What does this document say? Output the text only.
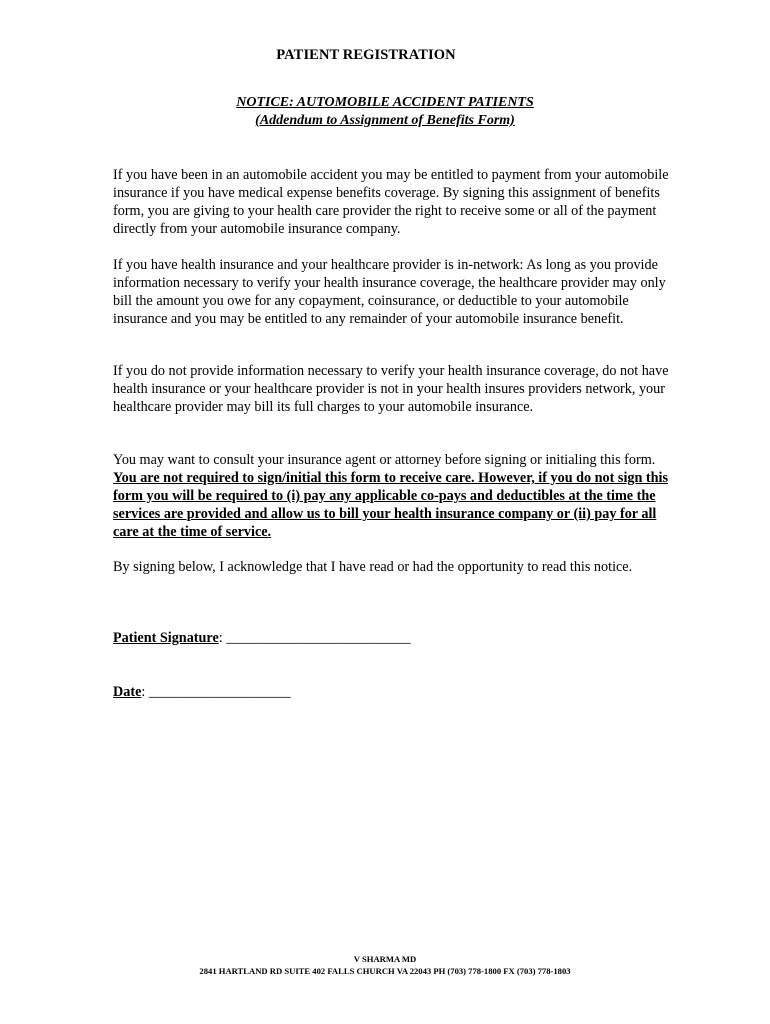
PATIENT REGISTRATION
NOTICE: AUTOMOBILE ACCIDENT PATIENTS
(Addendum to Assignment of Benefits Form)
If you have been in an automobile accident you may be entitled to payment from your automobile insurance if you have medical expense benefits coverage. By signing this assignment of benefits form, you are giving to your health care provider the right to receive some or all of the payment directly from your automobile insurance company.
If you have health insurance and your healthcare provider is in-network: As long as you provide information necessary to verify your health insurance coverage, the healthcare provider may only bill the amount you owe for any copayment, coinsurance, or deductible to your automobile insurance and you may be entitled to any remainder of your automobile insurance benefit.
If you do not provide information necessary to verify your health insurance coverage, do not have health insurance or your healthcare provider is not in your health insures providers network, your healthcare provider may bill its full charges to your automobile insurance.
You may want to consult your insurance agent or attorney before signing or initialing this form. You are not required to sign/initial this form to receive care. However, if you do not sign this form you will be required to (i) pay any applicable co-pays and deductibles at the time the services are provided and allow us to bill your health insurance company or (ii) pay for all care at the time of service.
By signing below, I acknowledge that I have read or had the opportunity to read this notice.
Patient Signature: __________________________
Date: ____________________
V SHARMA MD
2841 HARTLAND RD SUITE 402 FALLS CHURCH VA 22043 PH (703) 778-1800 FX (703) 778-1803
